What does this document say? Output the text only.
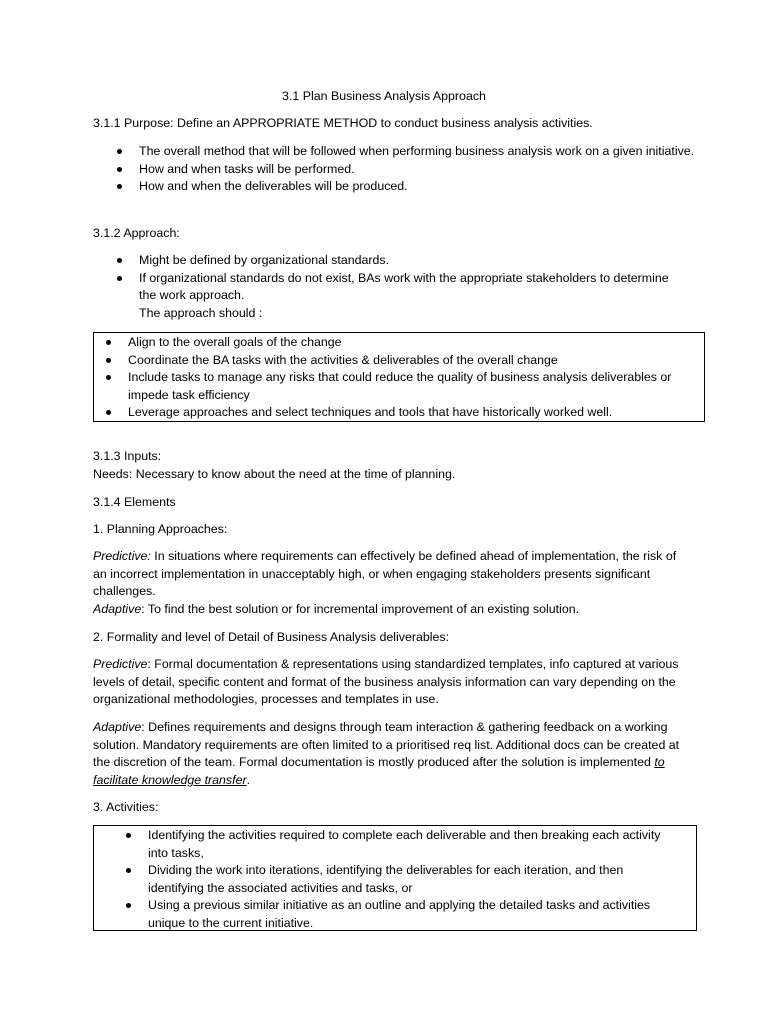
3.1 Plan Business Analysis Approach
3.1.1 Purpose: Define an APPROPRIATE METHOD to conduct business analysis activities.
The overall method that will be followed when performing business analysis work on a given initiative.
How and when tasks will be performed.
How and when the deliverables will be produced.
3.1.2 Approach:
Might be defined by organizational standards.
If organizational standards do not exist, BAs work with the appropriate stakeholders to determine the work approach.
The approach should :
Align to the overall goals of the change
Coordinate the BA tasks with the activities & deliverables of the overall change
Include tasks to manage any risks that could reduce the quality of business analysis deliverables or impede task efficiency
Leverage approaches and select techniques and tools that have historically worked well.
3.1.3 Inputs:
Needs: Necessary to know about the need at the time of planning.
3.1.4 Elements
1. Planning Approaches:
Predictive: In situations where requirements can effectively be defined ahead of implementation, the risk of an incorrect implementation in unacceptably high, or when engaging stakeholders presents significant challenges.
Adaptive: To find the best solution or for incremental improvement of an existing solution.
2. Formality and level of Detail of Business Analysis deliverables:
Predictive: Formal documentation & representations using standardized templates, info captured at various levels of detail, specific content and format of the business analysis information can vary depending on the organizational methodologies, processes and templates in use.
Adaptive: Defines requirements and designs through team interaction & gathering feedback on a working solution. Mandatory requirements are often limited to a prioritised req list. Additional docs can be created at the discretion of the team. Formal documentation is mostly produced after the solution is implemented to facilitate knowledge transfer.
3. Activities:
Identifying the activities required to complete each deliverable and then breaking each activity into tasks,
Dividing the work into iterations, identifying the deliverables for each iteration, and then identifying the associated activities and tasks, or
Using a previous similar initiative as an outline and applying the detailed tasks and activities unique to the current initiative.
